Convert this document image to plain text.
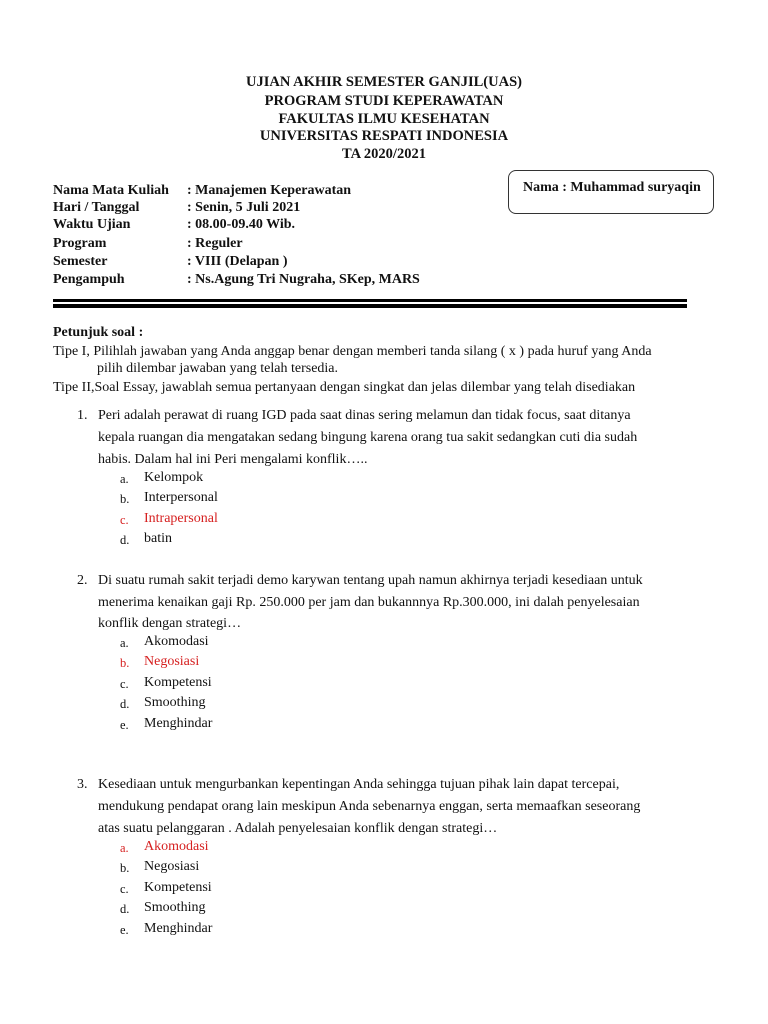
UJIAN AKHIR SEMESTER GANJIL(UAS)
PROGRAM STUDI KEPERAWATAN
FAKULTAS ILMU KESEHATAN
UNIVERSITAS RESPATI INDONESIA
TA 2020/2021
Nama Mata Kuliah : Manajemen Keperawatan
Hari / Tanggal	: Senin, 5 Juli 2021
Waktu Ujian	: 08.00-09.40 Wib.
Program	: Reguler
Semester	: VIII (Delapan )
Pengampuh	: Ns.Agung Tri Nugraha, SKep, MARS
Nama : Muhammad suryaqin
Petunjuk soal :
Tipe I, Pilihlah jawaban yang Anda anggap benar dengan memberi tanda silang ( x ) pada huruf yang Anda
pilih dilembar jawaban yang telah tersedia.
Tipe II,Soal Essay, jawablah semua pertanyaan dengan singkat dan jelas dilembar yang telah disediakan
1. Peri adalah perawat di ruang IGD pada saat dinas sering melamun dan tidak focus, saat ditanya
kepala ruangan dia mengatakan sedang bingung karena orang tua sakit sedangkan cuti dia sudah
habis. Dalam hal ini Peri mengalami konflik…..
a. Kelompok
b. Interpersonal
c. Intrapersonal
d. batin
2. Di suatu rumah sakit terjadi demo karywan tentang upah namun akhirnya terjadi kesediaan untuk
menerima kenaikan gaji Rp. 250.000 per jam dan bukannnya Rp.300.000, ini dalah penyelesaian
konflik dengan strategi…
a. Akomodasi
b. Negosiasi
c. Kompetensi
d. Smoothing
e. Menghindar
3. Kesediaan untuk mengurbankan kepentingan Anda sehingga tujuan pihak lain dapat tercepai,
mendukung pendapat orang lain meskipun Anda sebenarnya enggan, serta memaafkan seseorang
atas suatu pelanggaran . Adalah penyelesaian konflik dengan strategi…
a. Akomodasi
b. Negosiasi
c. Kompetensi
d. Smoothing
e. Menghindar
